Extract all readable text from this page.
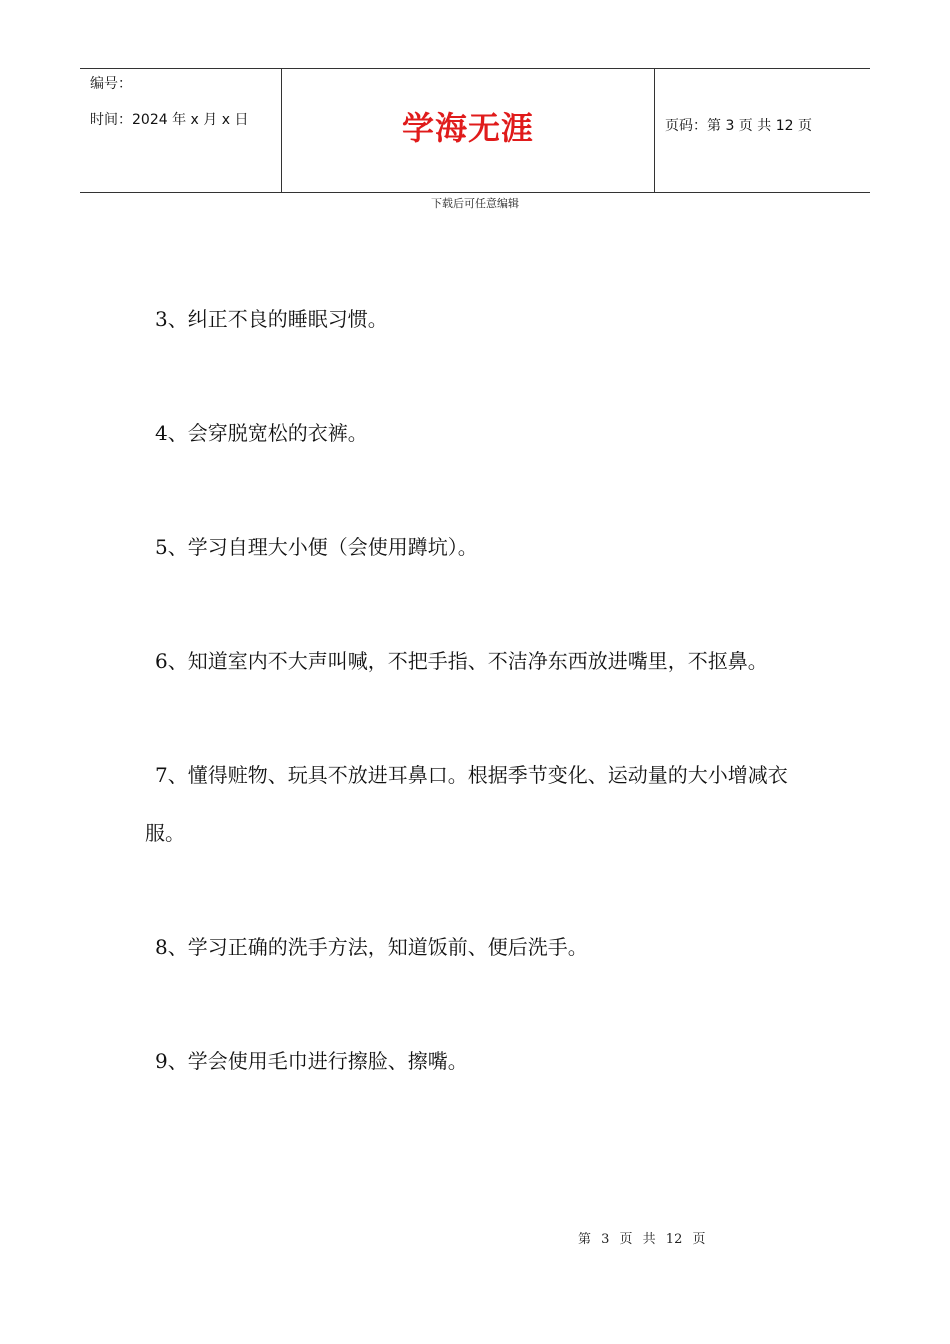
编号：
时间：2024 年 x 月 x 日	学海无涯	页码：第 3 页 共 12 页
下载后可任意编辑

3、纠正不良的睡眠习惯。

4、会穿脱宽松的衣裤。

5、学习自理大小便（会使用蹲坑）。

6、知道室内不大声叫喊，不把手指、不洁净东西放进嘴里，不抠鼻。

7、懂得赃物、玩具不放进耳鼻口。根据季节变化、运动量的大小增减衣服。

8、学习正确的洗手方法，知道饭前、便后洗手。

9、学会使用毛巾进行擦脸、擦嘴。

第 3 页 共 12 页
